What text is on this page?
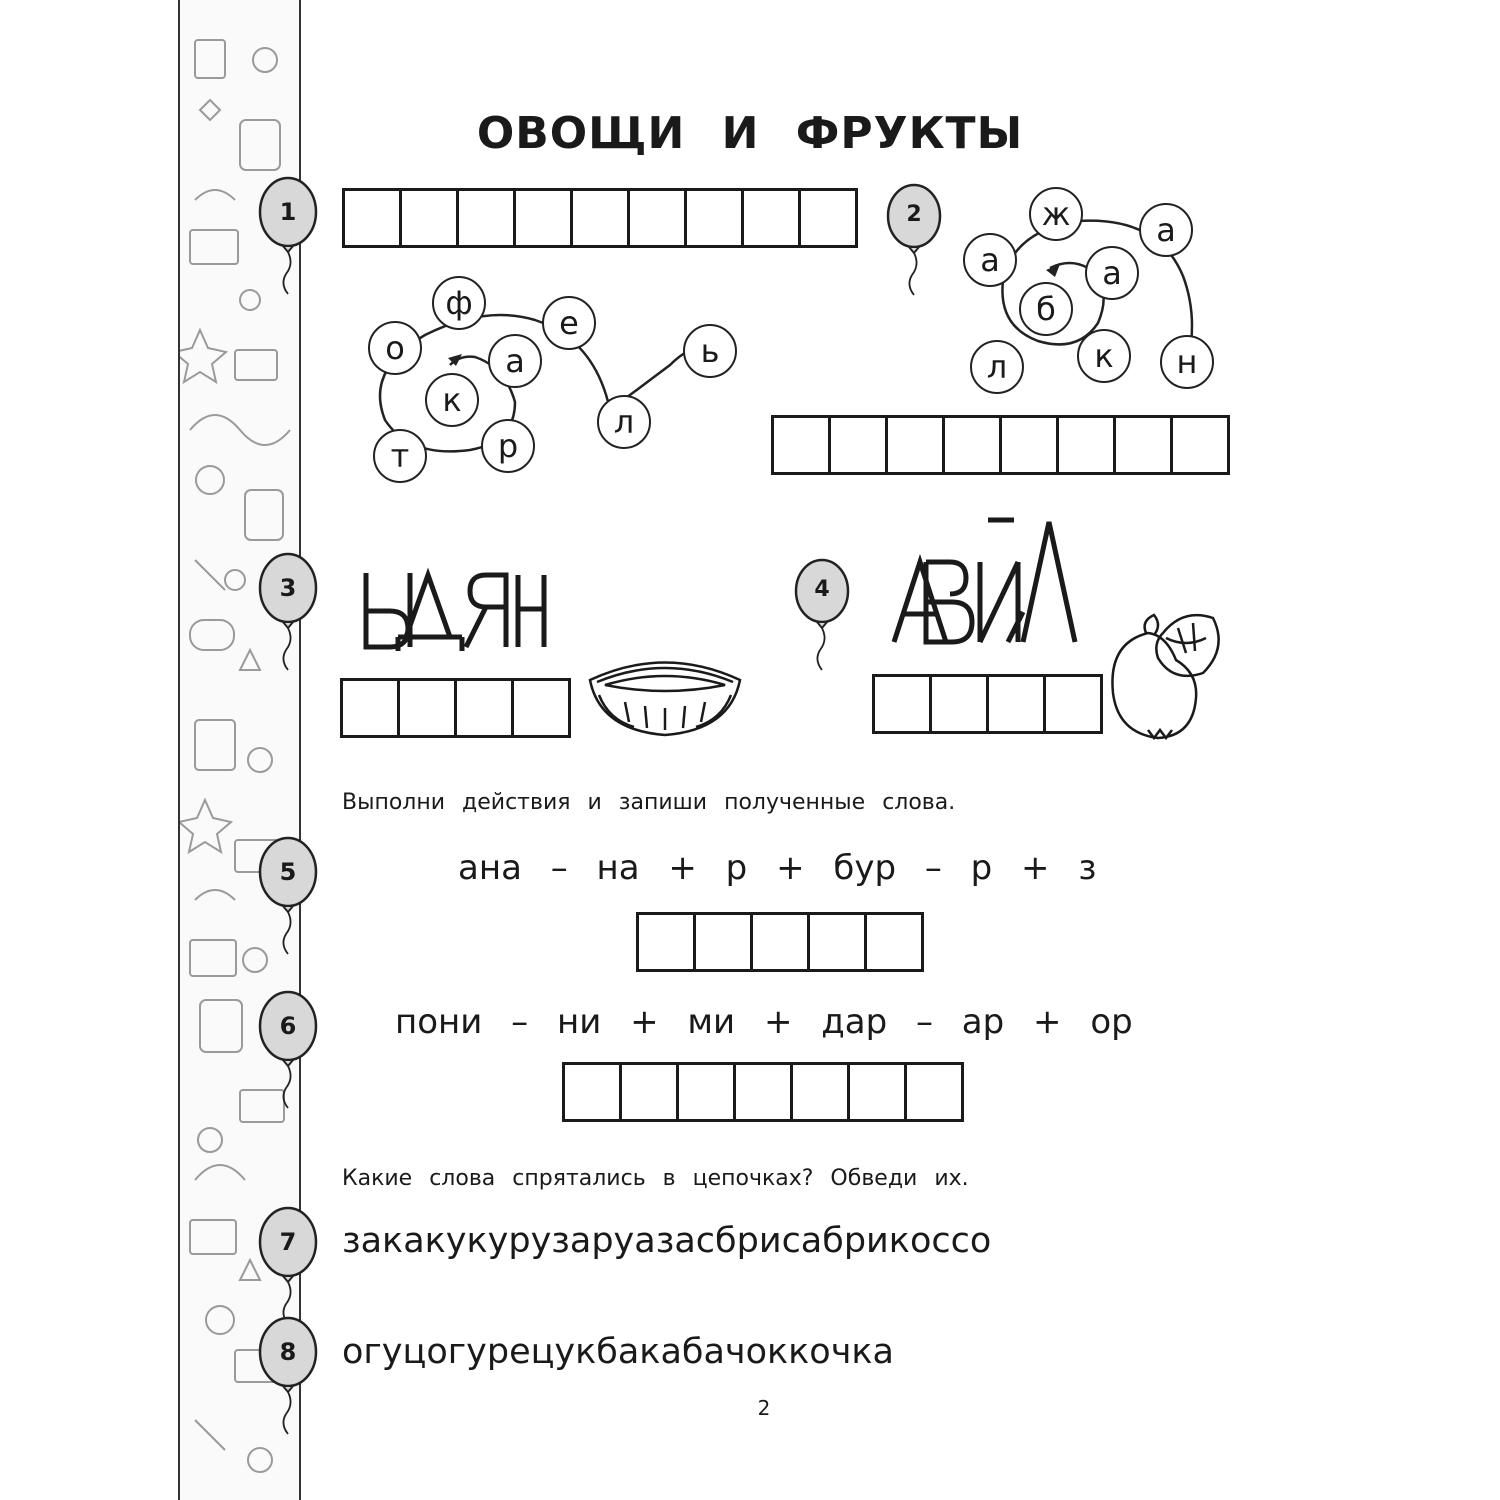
ОВОЩИ И ФРУКТЫ
1	2
3	4
5
6
7
8
ф
е
о	а
к
т	р
л
ь
ж	а
а	а
б
л	к	н
Выполни действия и запиши полученные слова.
ана – на + р + бур – р + з
пони – ни + ми + дар – ар + ор
Какие слова спрятались в цепочках? Обведи их.
закакукурузаруазасбрисабрикоссо
огуцогурецукбакабачоккочка
2
